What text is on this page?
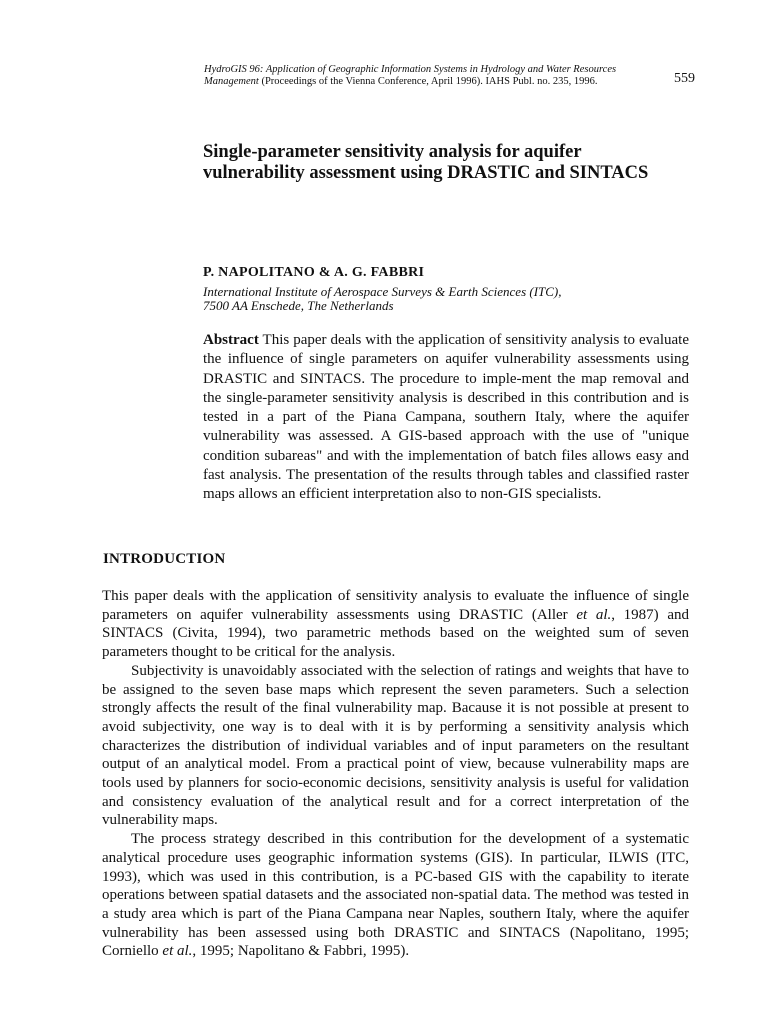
HydroGIS 96: Application of Geographic Information Systems in Hydrology and Water Resources
Management (Proceedings of the Vienna Conference, April 1996). IAHS Publ. no. 235, 1996.	559
Single-parameter sensitivity analysis for aquifer vulnerability assessment using DRASTIC and SINTACS
P. NAPOLITANO & A. G. FABBRI
International Institute of Aerospace Surveys & Earth Sciences (ITC),
7500 AA Enschede, The Netherlands
Abstract This paper deals with the application of sensitivity analysis to evaluate the influence of single parameters on aquifer vulnerability assessments using DRASTIC and SINTACS. The procedure to imple-ment the map removal and the single-parameter sensitivity analysis is described in this contribution and is tested in a part of the Piana Campana, southern Italy, where the aquifer vulnerability was assessed. A GIS-based approach with the use of "unique condition subareas" and with the implementation of batch files allows easy and fast analysis. The presentation of the results through tables and classified raster maps allows an efficient interpretation also to non-GIS specialists.
INTRODUCTION

This paper deals with the application of sensitivity analysis to evaluate the influence of single parameters on aquifer vulnerability assessments using DRASTIC (Aller et al., 1987) and SINTACS (Civita, 1994), two parametric methods based on the weighted sum of seven parameters thought to be critical for the analysis.

Subjectivity is unavoidably associated with the selection of ratings and weights that have to be assigned to the seven base maps which represent the seven parameters. Such a selection strongly affects the result of the final vulnerability map. Bacause it is not possible at present to avoid subjectivity, one way is to deal with it is by performing a sensitivity analysis which characterizes the distribution of individual variables and of input parameters on the resultant output of an analytical model. From a practical point of view, because vulnerability maps are tools used by planners for socio-economic decisions, sensitivity analysis is useful for validation and consistency evaluation of the analytical result and for a correct interpretation of the vulnerability maps.

The process strategy described in this contribution for the development of a systematic analytical procedure uses geographic information systems (GIS). In particular, ILWIS (ITC, 1993), which was used in this contribution, is a PC-based GIS with the capability to iterate operations between spatial datasets and the associated non-spatial data. The method was tested in a study area which is part of the Piana Campana near Naples, southern Italy, where the aquifer vulnerability has been assessed using both DRASTIC and SINTACS (Napolitano, 1995; Corniello et al., 1995; Napolitano & Fabbri, 1995).
